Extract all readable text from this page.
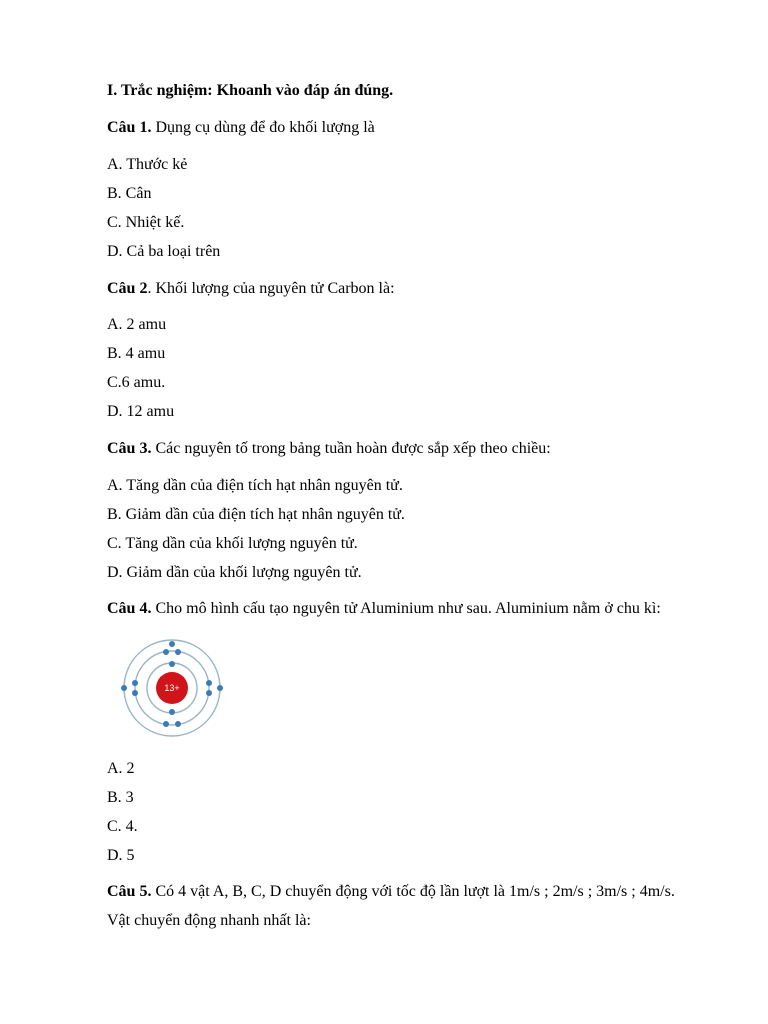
I. Trắc nghiệm: Khoanh vào đáp án đúng.
Câu 1. Dụng cụ dùng để đo khối lượng là
A. Thước kẻ
B. Cân
C. Nhiệt kế.
D. Cả ba loại trên
Câu 2. Khối lượng của nguyên tử Carbon là:
A. 2 amu
B. 4 amu
C.6 amu.
D. 12 amu
Câu 3. Các nguyên tố trong bảng tuần hoàn được sắp xếp theo chiều:
A. Tăng dần của điện tích hạt nhân nguyên tử.
B. Giảm dần của điện tích hạt nhân nguyên tử.
C. Tăng dần của khối lượng nguyên tử.
D. Giảm dần của khối lượng nguyên tử.
Câu 4. Cho mô hình cấu tạo nguyên tử Aluminium như sau. Aluminium nằm ở chu kì:
13+
A. 2
B. 3
C. 4.
D. 5
Câu 5. Có 4 vật A, B, C, D chuyển động với tốc độ lần lượt là 1m/s ; 2m/s ; 3m/s ; 4m/s.
Vật chuyển động nhanh nhất là:
